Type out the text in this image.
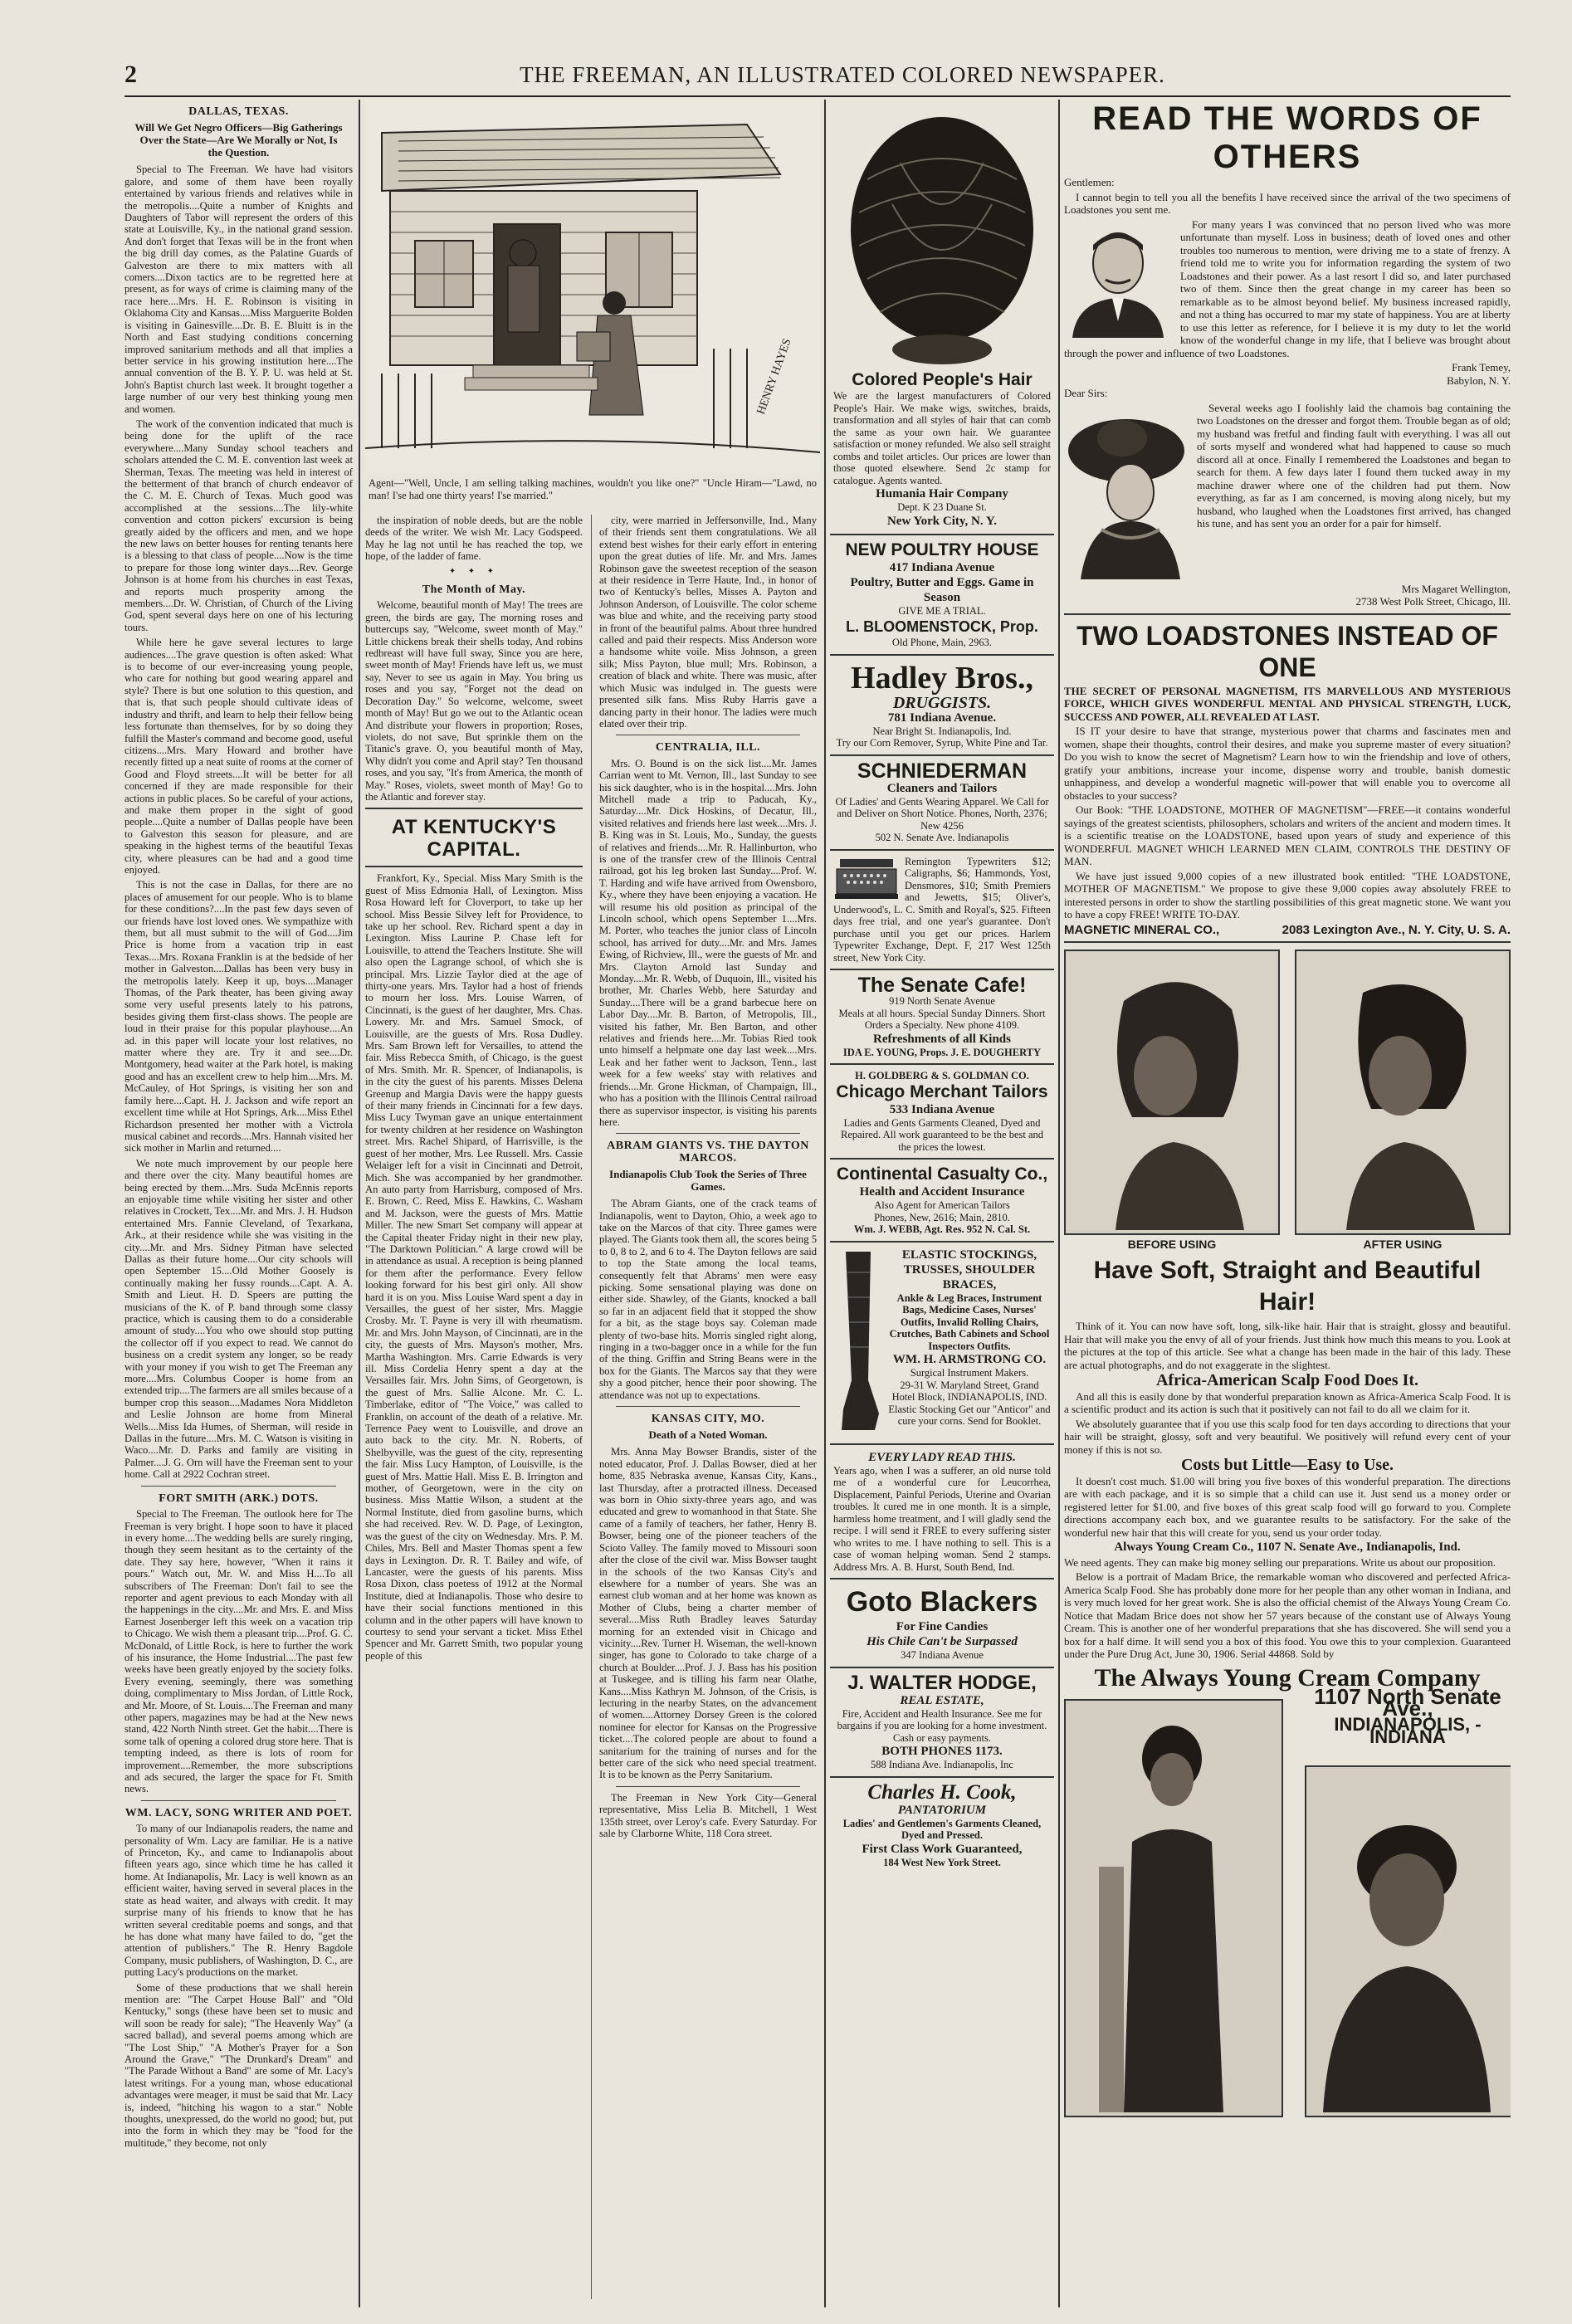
2	THE FREEMAN, AN ILLUSTRATED COLORED NEWSPAPER.
DALLAS, TEXAS.
Will We Get Negro Officers—Big Gatherings Over the State—Are We Morally or Not, Is the Question.

Special to The Freeman. We have had visitors galore, and some of them have been royally entertained by various friends and relatives while in the metropolis....Quite a number of Knights and Daughters of Tabor will represent the orders of this state at Louisville, Ky., in the national grand session. And don't forget that Texas will be in the front when the big drill day comes, as the Palatine Guards of Galveston are there to mix matters with all comers....Dixon tactics are to be regretted here at present, as for ways of crime is claiming many of the race here....Mrs. H. E. Robinson is visiting in Oklahoma City and Kansas....Miss Marguerite Bolden is visiting in Gainesville....Dr. B. E. Bluitt is in the North and East studying conditions concerning improved sanitarium methods and all that implies a better service in his growing institution here....The annual convention of the B. Y. P. U. was held at St. John's Baptist church last week. It brought together a large number of our very best thinking young men and women.

The work of the convention indicated that much is being done for the uplift of the race everywhere....Many Sunday school teachers and scholars attended the C. M. E. convention last week at Sherman, Texas. The meeting was held in interest of the betterment of that branch of church endeavor of the C. M. E. Church of Texas. Much good was accomplished at the sessions....The lily-white convention and cotton pickers' excursion is being greatly aided by the officers and men, and we hope the new laws on better houses for renting tenants here is a blessing to that class of people....Now is the time to prepare for those long winter days....Rev. George Johnson is at home from his churches in east Texas, and reports much prosperity among the members....Dr. W. Christian, of Church of the Living God, spent several days here on one of his lecturing tours.

While here he gave several lectures to large audiences....The grave question is often asked: What is to become of our ever-increasing young people, who care for nothing but good wearing apparel and style? There is but one solution to this question, and that is, that such people should cultivate ideas of industry and thrift, and learn to help their fellow being less fortunate than themselves, for by so doing they fulfill the Master's command and become good, useful citizens....Mrs. Mary Howard and brother have recently fitted up a neat suite of rooms at the corner of Good and Floyd streets....It will be better for all concerned if they are made responsible for their actions in public places. So be careful of your actions, and make them proper in the sight of good people....Quite a number of Dallas people have been to Galveston this season for pleasure, and are speaking in the highest terms of the beautiful Texas city, where pleasures can be had and a good time enjoyed.

This is not the case in Dallas, for there are no places of amusement for our people. Who is to blame for these conditions?....In the past few days seven of our friends have lost loved ones. We sympathize with them, but all must submit to the will of God....Jim Price is home from a vacation trip in east Texas....Mrs. Roxana Franklin is at the bedside of her mother in Galveston....Dallas has been very busy in the metropolis lately. Keep it up, boys....Manager Thomas, of the Park theater, has been giving away some very useful presents lately to his patrons, besides giving them first-class shows. The people are loud in their praise for this popular playhouse....An ad. in this paper will locate your lost relatives, no matter where they are. Try it and see....Dr. Montgomery, head waiter at the Park hotel, is making good and has an excellent crew to help him....Mrs. M. McCauley, of Hot Springs, is visiting her son and family here....Capt. H. J. Jackson and wife report an excellent time while at Hot Springs, Ark....Miss Ethel Richardson presented her mother with a Victrola musical cabinet and records....Mrs. Hannah visited her sick mother in Marlin and returned....

We note much improvement by our people here and there over the city. Many beautiful homes are being erected by them....Mrs. Suda McEnnis reports an enjoyable time while visiting her sister and other relatives in Crockett, Tex....Mr. and Mrs. J. H. Hudson entertained Mrs. Fannie Cleveland, of Texarkana, Ark., at their residence while she was visiting in the city....Mr. and Mrs. Sidney Pitman have selected Dallas as their future home....Our city schools will open September 15....Old Mother Goosely is continually making her fussy rounds....Capt. A. A. Smith and Lieut. H. D. Speers are putting the musicians of the K. of P. band through some classy practice, which is causing them to do a considerable amount of study....You who owe should stop putting the collector off if you expect to read. We cannot do business on a credit system any longer, so be ready with your money if you wish to get The Freeman any more....Mrs. Columbus Cooper is home from an extended trip....The farmers are all smiles because of a bumper crop this season....Madames Nora Middleton and Leslie Johnson are home from Mineral Wells....Miss Ida Humes, of Sherman, will reside in Dallas in the future....Mrs. M. C. Watson is visiting in Waco....Mr. D. Parks and family are visiting in Palmer....J. G. Orn will have the Freeman sent to your home. Call at 2922 Cochran street.

FORT SMITH (ARK.) DOTS.

Special to The Freeman. The outlook here for The Freeman is very bright. I hope soon to have it placed in every home....The wedding bells are surely ringing, though they seem hesitant as to the certainty of the date. They say here, however, "When it rains it pours." Watch out, Mr. W. and Miss H....To all subscribers of The Freeman: Don't fail to see the reporter and agent previous to each Monday with all the happenings in the city....Mr. and Mrs. E. and Miss Earnest Josenberger left this week on a vacation trip to Chicago. We wish them a pleasant trip....Prof. G. C. McDonald, of Little Rock, is here to further the work of his insurance, the Home Industrial....The past few weeks have been greatly enjoyed by the society folks. Every evening, seemingly, there was something doing, complimentary to Miss Jordan, of Little Rock, and Mr. Moore, of St. Louis....The Freeman and many other papers, magazines may be had at the New news stand, 422 North Ninth street. Get the habit....There is some talk of opening a colored drug store here. That is tempting indeed, as there is lots of room for improvement....Remember, the more subscriptions and ads secured, the larger the space for Ft. Smith news.

WM. LACY, SONG WRITER AND POET.

To many of our Indianapolis readers, the name and personality of Wm. Lacy are familiar. He is a native of Princeton, Ky., and came to Indianapolis about fifteen years ago, since which time he has called it home. At Indianapolis, Mr. Lacy is well known as an efficient waiter, having served in several places in the state as head waiter, and always with credit. It may surprise many of his friends to know that he has written several creditable poems and songs, and that he has done what many have failed to do, "get the attention of publishers." The R. Henry Bagdole Company, music publishers, of Washington, D. C., are putting Lacy's productions on the market.

Some of these productions that we shall herein mention are: "The Carpet House Ball" and "Old Kentucky," songs (these have been set to music and will soon be ready for sale); "The Heavenly Way" (a sacred ballad), and several poems among which are "The Lost Ship," "A Mother's Prayer for a Son Around the Grave," "The Drunkard's Dream" and "The Parade Without a Band" are some of Mr. Lacy's latest writings. For a young man, whose educational advantages were meager, it must be said that Mr. Lacy is, indeed, "hitching his wagon to a star." Noble thoughts, unexpressed, do the world no good; but, put into the form in which they may be "food for the multitude," they become, not only

HENRY HAYES
Agent—"Well, Uncle, I am selling talking machines, wouldn't you like one?" "Uncle Hiram—"Lawd, no man! I'se had one thirty years! I'se married."

the inspiration of noble deeds, but are the noble deeds of the writer. We wish Mr. Lacy Godspeed. May he lag not until he has reached the top, we hope, of the ladder of fame.

✦ ✦ ✦
The Month of May.

Welcome, beautiful month of May! The trees are green, the birds are gay, The morning roses and buttercups say, "Welcome, sweet month of May." Little chickens break their shells today, And robins redbreast will have full sway, Since you are here, sweet month of May! Friends have left us, we must say, Never to see us again in May. You bring us roses and you say, "Forget not the dead on Decoration Day." So welcome, welcome, sweet month of May! But go we out to the Atlantic ocean And distribute your flowers in proportion; Roses, violets, do not save, But sprinkle them on the Titanic's grave. O, you beautiful month of May, Why didn't you come and April stay? Ten thousand roses, and you say, "It's from America, the month of May." Roses, violets, sweet month of May! Go to the Atlantic and forever stay.

AT KENTUCKY'S CAPITAL.

Frankfort, Ky., Special. Miss Mary Smith is the guest of Miss Edmonia Hall, of Lexington. Miss Rosa Howard left for Cloverport, to take up her school. Miss Bessie Silvey left for Providence, to take up her school. Rev. Richard spent a day in Lexington. Miss Laurine P. Chase left for Louisville, to attend the Teachers Institute. She will also open the Lagrange school, of which she is principal. Mrs. Lizzie Taylor died at the age of thirty-one years. Mrs. Taylor had a host of friends to mourn her loss. Mrs. Louise Warren, of Cincinnati, is the guest of her daughter, Mrs. Chas. Lowery. Mr. and Mrs. Samuel Smock, of Louisville, are the guests of Mrs. Rosa Dudley. Mrs. Sam Brown left for Versailles, to attend the fair. Miss Rebecca Smith, of Chicago, is the guest of Mrs. Smith. Mr. R. Spencer, of Indianapolis, is in the city the guest of his parents. Misses Delena Greenup and Margia Davis were the happy guests of their many friends in Cincinnati for a few days. Miss Lucy Twyman gave an unique entertainment for twenty children at her residence on Washington street. Mrs. Rachel Shipard, of Harrisville, is the guest of her mother, Mrs. Lee Russell. Mrs. Cassie Welaiger left for a visit in Cincinnati and Detroit, Mich. She was accompanied by her grandmother. An auto party from Harrisburg, composed of Mrs. E. Brown, C. Reed, Miss E. Hawkins, C. Washam and M. Jackson, were the guests of Mrs. Mattie Miller. The new Smart Set company will appear at the Capital theater Friday night in their new play, "The Darktown Politician." A large crowd will be in attendance as usual. A reception is being planned for them after the performance. Every fellow looking forward for his best girl only. All show hard it is on you. Miss Louise Ward spent a day in Versailles, the guest of her sister, Mrs. Maggie Crosby. Mr. T. Payne is very ill with rheumatism. Mr. and Mrs. John Mayson, of Cincinnati, are in the city, the guests of Mrs. Mayson's mother, Mrs. Martha Washington. Mrs. Carrie Edwards is very ill. Miss Cordelia Henry spent a day at the Versailles fair. Mrs. John Sims, of Georgetown, is the guest of Mrs. Sallie Alcone. Mr. C. L. Timberlake, editor of "The Voice," was called to Franklin, on account of the death of a relative. Mr. Terrence Paey went to Louisville, and drove an auto back to the city. Mr. N. Roberts, of Shelbyville, was the guest of the city, representing the fair. Miss Lucy Hampton, of Louisville, is the guest of Mrs. Mattie Hall. Miss E. B. Irrington and mother, of Georgetown, were in the city on business. Miss Mattie Wilson, a student at the Normal Institute, died from gasoline burns, which she had received. Rev. W. D. Page, of Lexington, was the guest of the city on Wednesday. Mrs. P. M. Chiles, Mrs. Bell and Master Thomas spent a few days in Lexington. Dr. R. T. Bailey and wife, of Lancaster, were the guests of his parents. Miss Rosa Dixon, class poetess of 1912 at the Normal Institute, died at Indianapolis. Those who desire to have their social functions mentioned in this column and in the other papers will have known to courtesy to send your servant a ticket. Miss Ethel Spencer and Mr. Garrett Smith, two popular young people of this

city, were married in Jeffersonville, Ind., Many of their friends sent them congratulations. We all extend best wishes for their early effort in entering upon the great duties of life. Mr. and Mrs. James Robinson gave the sweetest reception of the season at their residence in Terre Haute, Ind., in honor of two of Kentucky's belles, Misses A. Payton and Johnson Anderson, of Louisville. The color scheme was blue and white, and the receiving party stood in front of the beautiful palms. About three hundred called and paid their respects. Miss Anderson wore a handsome white voile. Miss Johnson, a green silk; Miss Payton, blue mull; Mrs. Robinson, a creation of black and white. There was music, after which Music was indulged in. The guests were presented silk fans. Miss Ruby Harris gave a dancing party in their honor. The ladies were much elated over their trip.

CENTRALIA, ILL.

Mrs. O. Bound is on the sick list....Mr. James Carrian went to Mt. Vernon, Ill., last Sunday to see his sick daughter, who is in the hospital....Mrs. John Mitchell made a trip to Paducah, Ky., Saturday....Mr. Dick Hoskins, of Decatur, Ill., visited relatives and friends here last week....Mrs. J. B. King was in St. Louis, Mo., Sunday, the guests of relatives and friends....Mr. R. Hallinburton, who is one of the transfer crew of the Illinois Central railroad, got his leg broken last Sunday....Prof. W. T. Harding and wife have arrived from Owensboro, Ky., where they have been enjoying a vacation. He will resume his old position as principal of the Lincoln school, which opens September 1....Mrs. M. Porter, who teaches the junior class of Lincoln school, has arrived for duty....Mr. and Mrs. James Ewing, of Richview, Ill., were the guests of Mr. and Mrs. Clayton Arnold last Sunday and Monday....Mr. R. Webb, of Duquoin, Ill., visited his brother, Mr. Charles Webb, here Saturday and Sunday....There will be a grand barbecue here on Labor Day....Mr. B. Barton, of Metropolis, Ill., visited his father, Mr. Ben Barton, and other relatives and friends here....Mr. Tobias Ried took unto himself a helpmate one day last week....Mrs. Leak and her father went to Jackson, Tenn., last week for a few weeks' stay with relatives and friends....Mr. Grone Hickman, of Champaign, Ill., who has a position with the Illinois Central railroad there as supervisor inspector, is visiting his parents here.

ABRAM GIANTS VS. THE DAYTON MARCOS.
Indianapolis Club Took the Series of Three Games.

The Abram Giants, one of the crack teams of Indianapolis, went to Dayton, Ohio, a week ago to take on the Marcos of that city. Three games were played. The Giants took them all, the scores being 5 to 0, 8 to 2, and 6 to 4. The Dayton fellows are said to top the State among the local teams, consequently felt that Abrams' men were easy picking. Some sensational playing was done on either side. Shawley, of the Giants, knocked a ball so far in an adjacent field that it stopped the show for a bit, as the stage boys say. Coleman made plenty of two-base hits. Morris singled right along, ringing in a two-bagger once in a while for the fun of the thing. Griffin and String Beans were in the box for the Giants. The Marcos say that they were shy a good pitcher, hence their poor showing. The attendance was not up to expectations.

KANSAS CITY, MO.
Death of a Noted Woman.

Mrs. Anna May Bowser Brandis, sister of the noted educator, Prof. J. Dallas Bowser, died at her home, 835 Nebraska avenue, Kansas City, Kans., last Thursday, after a protracted illness. Deceased was born in Ohio sixty-three years ago, and was educated and grew to womanhood in that State. She came of a family of teachers, her father, Henry B. Bowser, being one of the pioneer teachers of the Scioto Valley. The family moved to Missouri soon after the close of the civil war. Miss Bowser taught in the schools of the two Kansas City's and elsewhere for a number of years. She was an earnest club woman and at her home was known as Mother of Clubs, being a charter member of several....Miss Ruth Bradley leaves Saturday morning for an extended visit in Chicago and vicinity....Rev. Turner H. Wiseman, the well-known singer, has gone to Colorado to take charge of a church at Boulder....Prof. J. J. Bass has his position at Tuskegee, and is tilling his farm near Olathe, Kans....Miss Kathryn M. Johnson, of the Crisis, is lecturing in the nearby States, on the advancement of women....Attorney Dorsey Green is the colored nominee for elector for Kansas on the Progressive ticket....The colored people are about to found a sanitarium for the training of nurses and for the better care of the sick who need special treatment. It is to be known as the Perry Sanitarium.

The Freeman in New York City—General representative, Miss Lelia B. Mitchell, 1 West 135th street, over Leroy's cafe. Every Saturday. For sale by Clarborne White, 118 Cora street.

Colored People's Hair
We are the largest manufacturers of Colored People's Hair. We make wigs, switches, braids, transformation and all styles of hair that can comb the same as your own hair. We guarantee satisfaction or money refunded. We also sell straight combs and toilet articles. Our prices are lower than those quoted elsewhere. Send 2c stamp for catalogue. Agents wanted.
Humania Hair Company
Dept. K 23 Duane St.
New York City, N. Y.
NEW POULTRY HOUSE
417 Indiana Avenue
Poultry, Butter and Eggs. Game in Season
GIVE ME A TRIAL.
L. BLOOMENSTOCK, Prop.
Old Phone, Main, 2963.
Hadley Bros.,
DRUGGISTS.
781 Indiana Avenue.
Near Bright St. Indianapolis, Ind.
Try our Corn Remover, Syrup, White Pine and Tar.
SCHNIEDERMAN
Cleaners and Tailors
Of Ladies' and Gents Wearing Apparel. We Call for and Deliver on Short Notice. Phones, North, 2376; New 4256
502 N. Senate Ave. Indianapolis
Remington Typewriters $12; Caligraphs, $6; Hammonds, Yost, Densmores, $10; Smith Premiers and Jewetts, $15; Oliver's, Underwood's, L. C. Smith and Royal's, $25. Fifteen days free trial, and one year's guarantee. Don't purchase until you get our prices. Harlem Typewriter Exchange, Dept. F, 217 West 125th street, New York City.
The Senate Cafe!
919 North Senate Avenue
Meals at all hours. Special Sunday Dinners. Short Orders a Specialty. New phone 4109.
Refreshments of all Kinds
IDA E. YOUNG, Props. J. E. DOUGHERTY
H. GOLDBERG & S. GOLDMAN CO.
Chicago Merchant Tailors
533 Indiana Avenue
Ladies and Gents Garments Cleaned, Dyed and Repaired. All work guaranteed to be the best and the prices the lowest.
Continental Casualty Co.,
Health and Accident Insurance
Also Agent for American Tailors
Phones, New, 2616; Main, 2810.
Wm. J. WEBB, Agt. Res. 952 N. Cal. St.
ELASTIC STOCKINGS, TRUSSES, SHOULDER BRACES,
Ankle & Leg Braces, Instrument Bags, Medicine Cases, Nurses' Outfits, Invalid Rolling Chairs, Crutches, Bath Cabinets and School Inspectors Outfits.
WM. H. ARMSTRONG CO.
Surgical Instrument Makers.
29-31 W. Maryland Street, Grand Hotel Block, INDIANAPOLIS, IND.
Elastic Stocking Get our "Anticor" and cure your corns. Send for Booklet.
EVERY LADY READ THIS.
Years ago, when I was a sufferer, an old nurse told me of a wonderful cure for Leucorrhea, Displacement, Painful Periods, Uterine and Ovarian troubles. It cured me in one month. It is a simple, harmless home treatment, and I will gladly send the recipe. I will send it FREE to every suffering sister who writes to me. I have nothing to sell. This is a case of woman helping woman. Send 2 stamps. Address Mrs. A. B. Hurst, South Bend, Ind.
Goto Blackers
For Fine Candies
His Chile Can't be Surpassed
347 Indiana Avenue
J. WALTER HODGE,
REAL ESTATE,
Fire, Accident and Health Insurance. See me for bargains if you are looking for a home investment. Cash or easy payments.
BOTH PHONES 1173.
588 Indiana Ave. Indianapolis, Inc
Charles H. Cook,
PANTATORIUM
Ladies' and Gentlemen's Garments Cleaned, Dyed and Pressed.
First Class Work Guaranteed,
184 West New York Street.
READ THE WORDS OF OTHERS
Gentlemen:

I cannot begin to tell you all the benefits I have received since the arrival of the two specimens of Loadstones you sent me.

For many years I was convinced that no person lived who was more unfortunate than myself. Loss in business; death of loved ones and other troubles too numerous to mention, were driving me to a state of frenzy. A friend told me to write you for information regarding the system of two Loadstones and their power. As a last resort I did so, and later purchased two of them. Since then the great change in my career has been so remarkable as to be almost beyond belief. My business increased rapidly, and not a thing has occurred to mar my state of happiness. You are at liberty to use this letter as reference, for I believe it is my duty to let the world know of the wonderful change in my life, that I believe was brought about through the power and influence of two Loadstones.

Frank Temey,
Babylon, N. Y.
Dear Sirs:

Several weeks ago I foolishly laid the chamois bag containing the two Loadstones on the dresser and forgot them. Trouble began as of old; my husband was fretful and finding fault with everything. I was all out of sorts myself and wondered what had happened to cause so much discord all at once. Finally I remembered the Loadstones and began to search for them. A few days later I found them tucked away in my machine drawer where one of the children had put them. Now everything, as far as I am concerned, is moving along nicely, but my husband, who laughed when the Loadstones first arrived, has changed his tune, and has sent you an order for a pair for himself.

Mrs Magaret Wellington,
2738 West Polk Street, Chicago, Ill.
TWO LOADSTONES INSTEAD OF ONE

THE SECRET OF PERSONAL MAGNETISM, ITS MARVELLOUS AND MYSTERIOUS FORCE, WHICH GIVES WONDERFUL MENTAL AND PHYSICAL STRENGTH, LUCK, SUCCESS AND POWER, ALL REVEALED AT LAST.

IS IT your desire to have that strange, mysterious power that charms and fascinates men and women, shape their thoughts, control their desires, and make you supreme master of every situation? Do you wish to know the secret of Magnetism? Learn how to win the friendship and love of others, gratify your ambitions, increase your income, dispense worry and trouble, banish domestic unhappiness, and develop a wonderful magnetic will-power that will enable you to overcome all obstacles to your success?

Our Book: "THE LOADSTONE, MOTHER OF MAGNETISM"—FREE—it contains wonderful sayings of the greatest scientists, philosophers, scholars and writers of the ancient and modern times. It is a scientific treatise on the LOADSTONE, based upon years of study and experience of this WONDERFUL MAGNET WHICH LEARNED MEN CLAIM, CONTROLS THE DESTINY OF MAN.

We have just issued 9,000 copies of a new illustrated book entitled: "THE LOADSTONE, MOTHER OF MAGNETISM." We propose to give these 9,000 copies away absolutely FREE to interested persons in order to show the startling possibilities of this great magnetic stone. We want you to have a copy FREE! WRITE TO-DAY.

MAGNETIC MINERAL CO.,	2083 Lexington Ave., N. Y. City, U. S. A.
BEFORE USING	AFTER USING
Have Soft, Straight and Beautiful Hair!

Think of it. You can now have soft, long, silk-like hair. Hair that is straight, glossy and beautiful. Hair that will make you the envy of all of your friends. Just think how much this means to you. Look at the pictures at the top of this article. See what a change has been made in the hair of this lady. These are actual photographs, and do not exaggerate in the slightest.

Africa-American Scalp Food Does It.

And all this is easily done by that wonderful preparation known as Africa-America Scalp Food. It is a scientific product and its action is such that it positively can not fail to do all we claim for it.

We absolutely guarantee that if you use this scalp food for ten days according to directions that your hair will be straight, glossy, soft and very beautiful. We positively will refund every cent of your money if this is not so.

Costs but Little—Easy to Use.

It doesn't cost much. $1.00 will bring you five boxes of this wonderful preparation. The directions are with each package, and it is so simple that a child can use it. Just send us a money order or registered letter for $1.00, and five boxes of this great scalp food will go forward to you. Complete directions accompany each box, and we guarantee results to be satisfactory. For the sake of the wonderful new hair that this will create for you, send us your order today.

Always Young Cream Co., 1107 N. Senate Ave., Indianapolis, Ind.

We need agents. They can make big money selling our preparations. Write us about our proposition.

Below is a portrait of Madam Brice, the remarkable woman who discovered and perfected Africa-America Scalp Food. She has probably done more for her people than any other woman in Indiana, and is very much loved for her great work. She is also the official chemist of the Always Young Cream Co. Notice that Madam Brice does not show her 57 years because of the constant use of Always Young Cream. This is another one of her wonderful preparations that she has discovered. She will send you a box for a half dime. It will send you a box of this food. You owe this to your complexion. Guaranteed under the Pure Drug Act, June 30, 1906. Serial 44868. Sold by

The Always Young Cream Company
1107 North Senate Ave.,
INDIANAPOLIS, - INDIANA
